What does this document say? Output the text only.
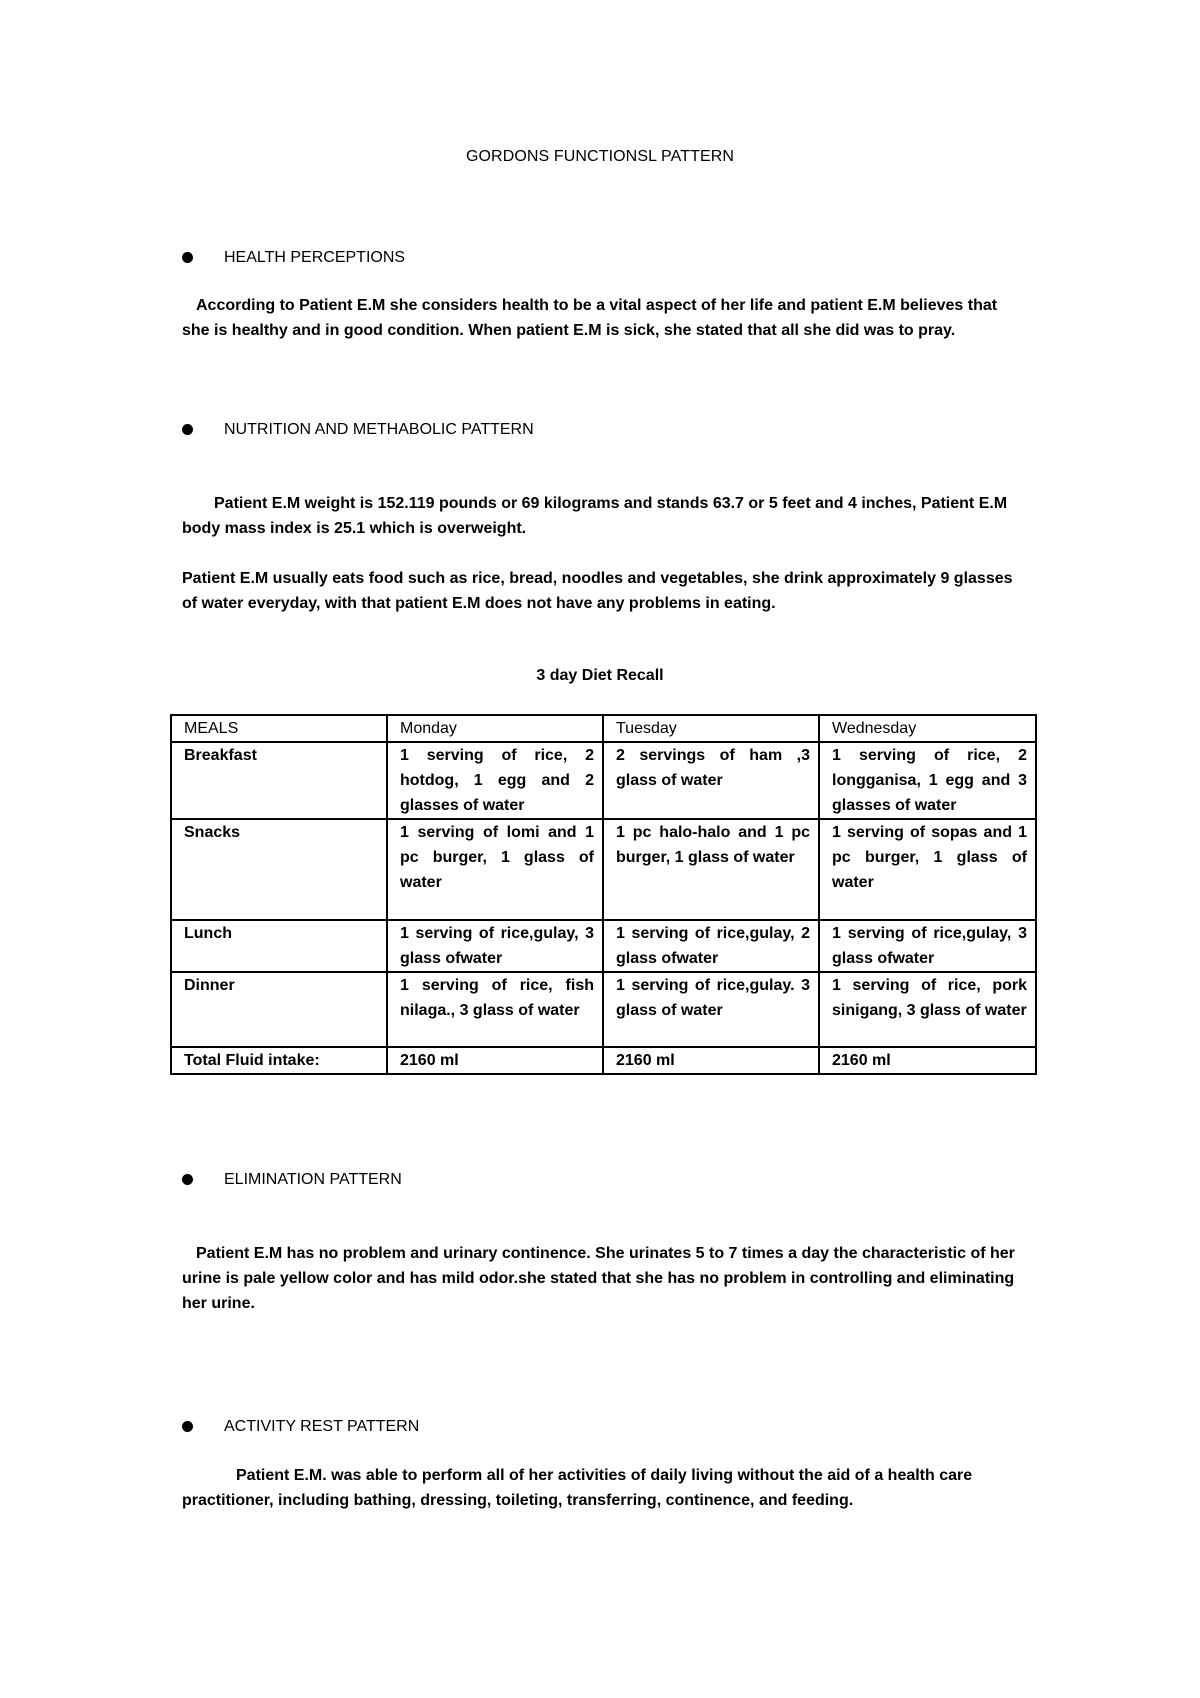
GORDONS FUNCTIONSL PATTERN
HEALTH PERCEPTIONS
According to Patient E.M she considers health to be a vital aspect of her life and patient E.M believes that she is healthy and in good condition. When patient E.M is sick, she stated that all she did was to pray.
NUTRITION AND METHABOLIC PATTERN
Patient E.M weight is 152.119 pounds or 69 kilograms and stands 63.7 or 5 feet and 4 inches, Patient E.M body mass index is 25.1 which is overweight.
Patient E.M usually eats food such as rice, bread, noodles and vegetables, she drink approximately 9 glasses of water everyday, with that patient E.M does not have any problems in eating.
3 day Diet Recall
MEALS	Monday	Tuesday	Wednesday
Breakfast	1 serving of rice, 2 hotdog, 1 egg and 2 glasses of water	2 servings of ham ,3 glass of water	1 serving of rice, 2 longganisa, 1 egg and 3 glasses of water
Snacks	1 serving of lomi and 1 pc burger, 1 glass of water	1 pc halo-halo and 1 pc burger, 1 glass of water	1 serving of sopas and 1 pc burger, 1 glass of water
Lunch	1 serving of rice,gulay, 3 glass ofwater	1 serving of rice,gulay, 2 glass ofwater	1 serving of rice,gulay, 3 glass ofwater
Dinner	1 serving of rice, fish nilaga., 3 glass of water	1 serving of rice,gulay. 3 glass of water	1 serving of rice, pork sinigang, 3 glass of water
Total Fluid intake:	2160 ml	2160 ml	2160 ml
ELIMINATION PATTERN
Patient E.M has no problem and urinary continence. She urinates 5 to 7 times a day the characteristic of her urine is pale yellow color and has mild odor.she stated that she has no problem in controlling and eliminating her urine.
ACTIVITY REST PATTERN
Patient E.M. was able to perform all of her activities of daily living without the aid of a health care practitioner, including bathing, dressing, toileting, transferring, continence, and feeding.
